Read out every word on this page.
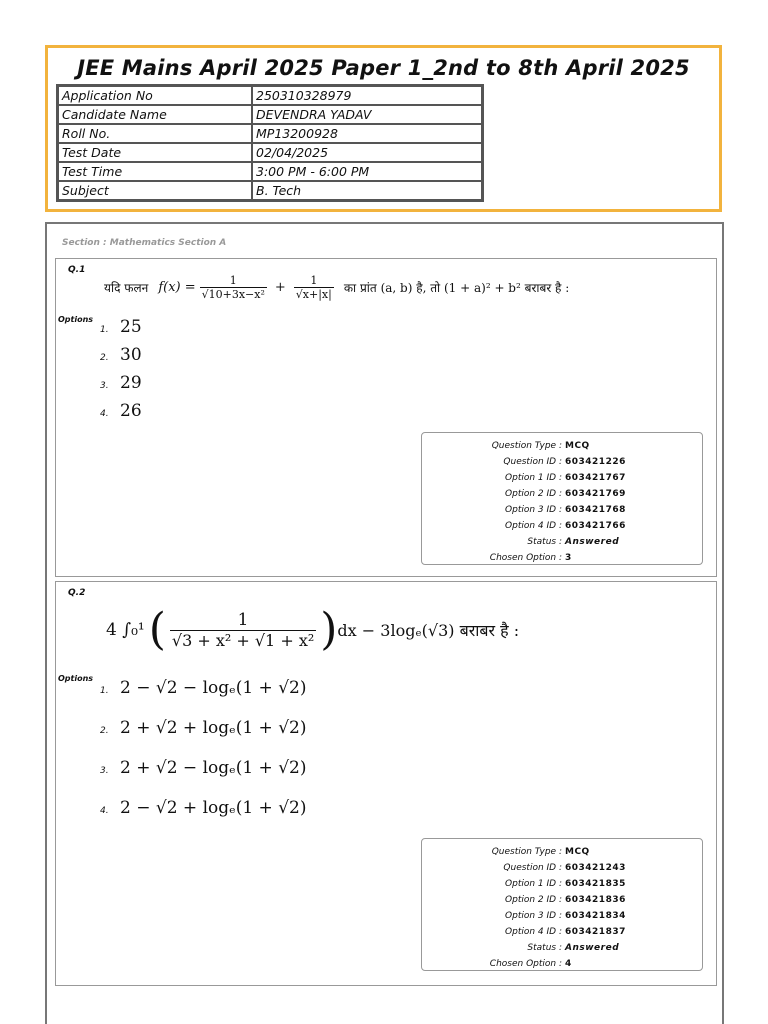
JEE Mains April 2025 Paper 1_2nd to 8th April 2025
Application No	250310328979
Candidate Name	DEVENDRA YADAV
Roll No.	MP13200928
Test Date	02/04/2025
Test Time	3:00 PM - 6:00 PM
Subject	B. Tech
Section : Mathematics Section A
Q.1
यदि फलन $f(x) = \frac{1}{\text{√10+3x−x²}} + \frac{1}{√x+|x|}$ का प्रांत (a, b) है, तो (1 + a)² + b² बराबर है :
Options
1. 25
2. 30
3. 29
4. 26
Question Type : MCQ
Question ID : 603421226
Option 1 ID : 603421767
Option 2 ID : 603421769
Option 3 ID : 603421768
Option 4 ID : 603421766
Status : Answered
Chosen Option : 3
Q.2
4 ∫₀¹ ( $\frac{1}{\text{√3 + x² + √1 + x²}}$ ) dx − 3logₑ(√3) बराबर है :
Options
1. 2 − √2 − logₑ(1 + √2)
2. 2 + √2 + logₑ(1 + √2)
3. 2 + √2 − logₑ(1 + √2)
4. 2 − √2 + logₑ(1 + √2)
Question Type : MCQ
Question ID : 603421243
Option 1 ID : 603421835
Option 2 ID : 603421836
Option 3 ID : 603421834
Option 4 ID : 603421837
Status : Answered
Chosen Option : 4
